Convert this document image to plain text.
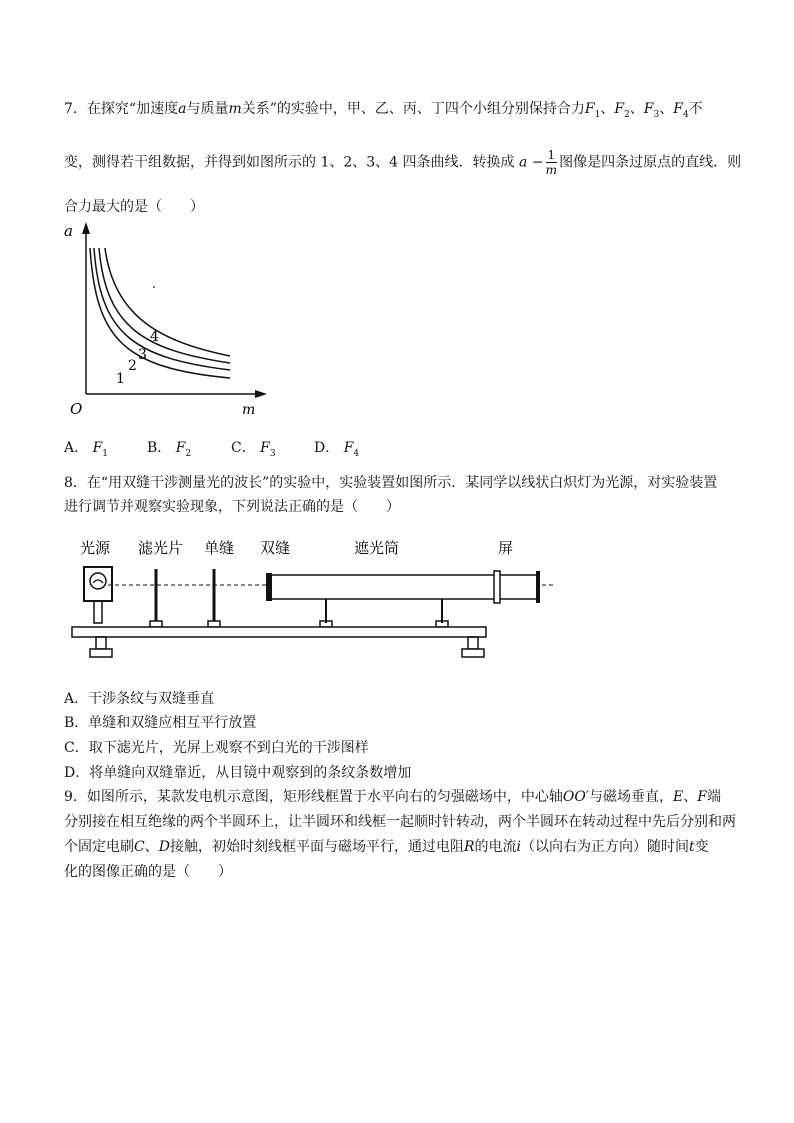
7．在探究“加速度a与质量m关系”的实验中，甲、乙、丙、丁四个小组分别保持合力$F_1$、$F_2$、$F_3$、$F_4$不
变，测得若干组数据，并得到如图所示的 1、2、3、4 四条曲线．转换成 $a - \frac{1}{m}$ 图像是四条过原点的直线．则
合力最大的是（　　）
a
m
O
1
2
3
4
A． $F_1$	B． $F_2$	C． $F_3$	D． $F_4$
8．在“用双缝干涉测量光的波长”的实验中，实验装置如图所示．某同学以线状白炽灯为光源，对实验装置
进行调节并观察实验现象，下列说法正确的是（　　）
光源 滤光片 单缝 双缝	遮光筒	屏
A．干涉条纹与双缝垂直
B．单缝和双缝应相互平行放置
C．取下滤光片，光屏上观察不到白光的干涉图样
D．将单缝向双缝靠近，从目镜中观察到的条纹条数增加
9．如图所示，某款发电机示意图，矩形线框置于水平向右的匀强磁场中，中心轴OO′与磁场垂直，E、F端
分别接在相互绝缘的两个半圆环上，让半圆环和线框一起顺时针转动，两个半圆环在转动过程中先后分别和两
个固定电刷C、D接触，初始时刻线框平面与磁场平行，通过电阻R的电流i（以向右为正方向）随时间t变
化的图像正确的是（　　）
